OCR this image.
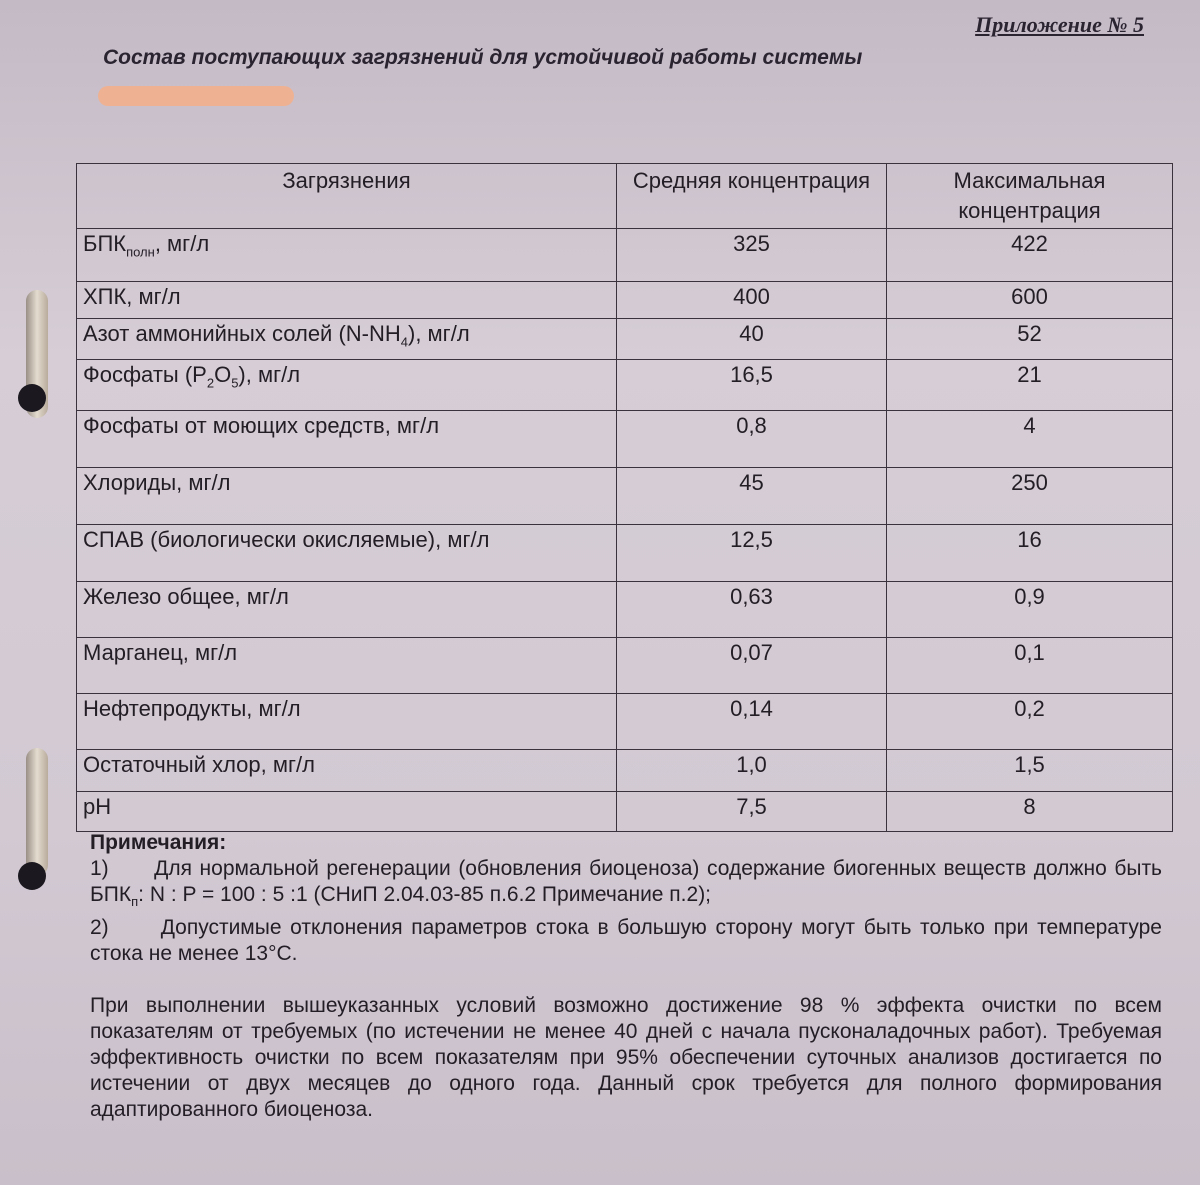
Приложение № 5
Состав поступающих загрязнений для устойчивой работы системы
Загрязнения	Средняя концентрация	Максимальная концентрация
$БПК_{полн}$, мг/л	325	422
ХПК, мг/л	400	600
Азот аммонийных солей $(N-NH_4)$, мг/л	40	52
Фосфаты $(P_2O_5)$, мг/л	16,5	21
Фосфаты от моющих средств, мг/л	0,8	4
Хлориды, мг/л	45	250
СПАВ (биологически окисляемые), мг/л	12,5	16
Железо общее, мг/л	0,63	0,9
Марганец, мг/л	0,07	0,1
Нефтепродукты, мг/л	0,14	0,2
Остаточный хлор, мг/л	1,0	1,5
pH	7,5	8
Примечания:
1) Для нормальной регенерации (обновления биоценоза) содержание биогенных веществ должно быть $БПК_п$: N : P = 100 : 5 :1 (СНиП 2.04.03-85 п.6.2 Примечание п.2);
2) Допустимые отклонения параметров стока в большую сторону могут быть только при температуре стока не менее 13°С.
При выполнении вышеуказанных условий возможно достижение 98 % эффекта очистки по всем показателям от требуемых (по истечении не менее 40 дней с начала пусконаладочных работ). Требуемая эффективность очистки по всем показателям при 95% обеспечении суточных анализов достигается по истечении от двух месяцев до одного года. Данный срок требуется для полного формирования адаптированного биоценоза.
